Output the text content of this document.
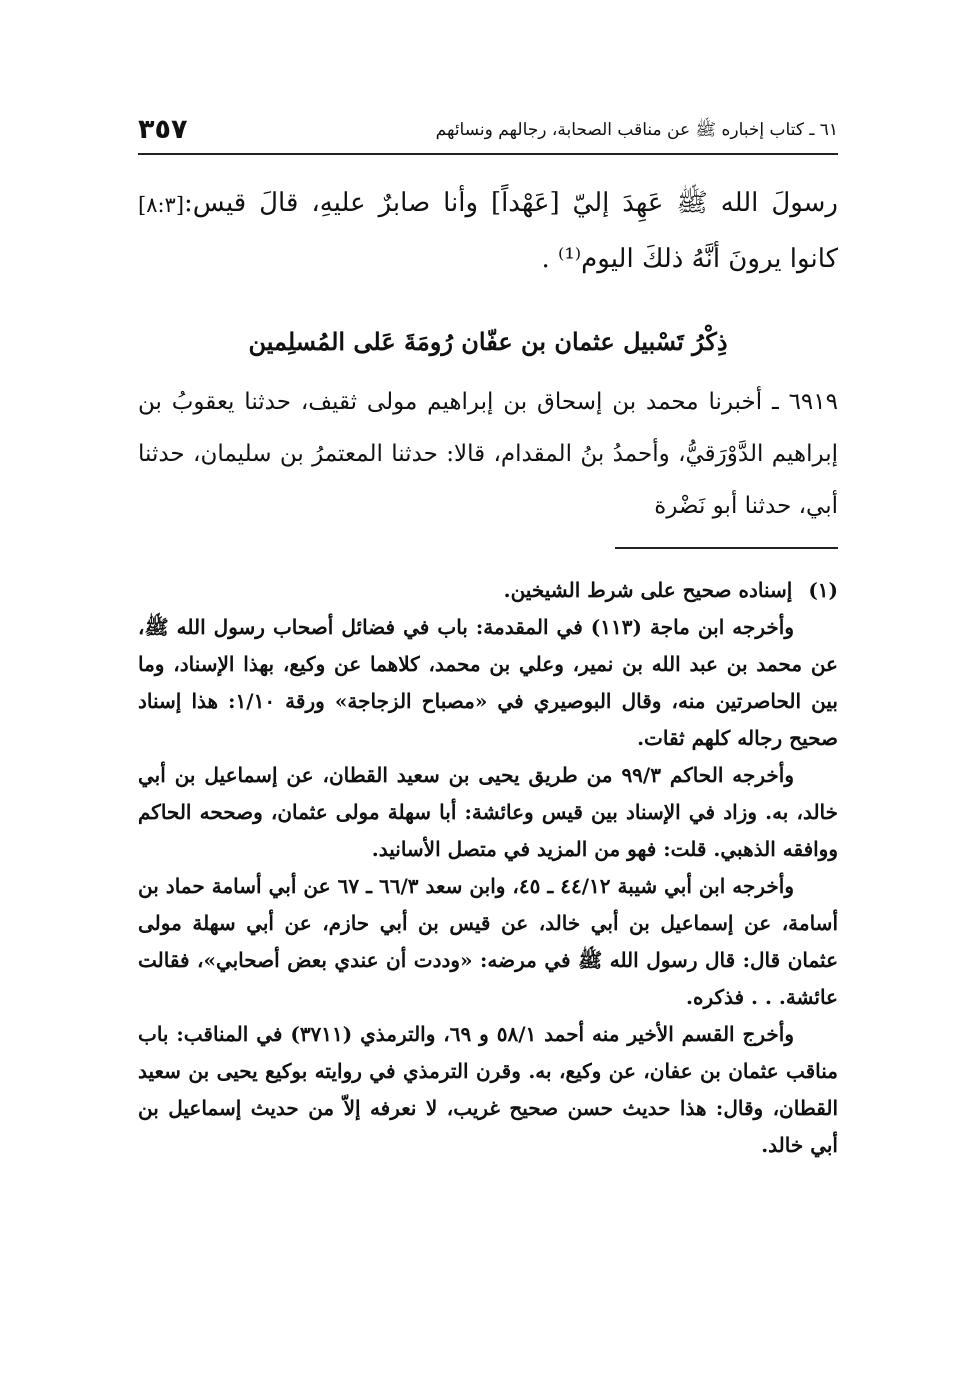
٣٥٧	٦١ ـ كتاب إخباره ﷺ عن مناقب الصحابة، رجالهم ونسائهم
[٨:٣] رسولَ الله ﷺ عَهِدَ إليّ [عَهْداً] وأنا صابرٌ عليهِ، قالَ قيس: كانوا يرونَ أنَّهُ ذلكَ اليوم⁽¹⁾ .
ذِكْرُ تَسْبيل عثمان بن عفّان رُومَةَ عَلى المُسلِمين
٦٩١٩ ـ أخبرنا محمد بن إسحاق بن إبراهيم مولى ثقيف، حدثنا يعقوبُ بن إبراهيم الدَّوْرَقيُّ، وأحمدُ بنُ المقدام، قالا: حدثنا المعتمرُ بن سليمان، حدثنا أبي، حدثنا أبو نَضْرة

(١)إسناده صحيح على شرط الشيخين.

وأخرجه ابن ماجة (١١٣) في المقدمة: باب في فضائل أصحاب رسول الله ﷺ، عن محمد بن عبد الله بن نمير، وعلي بن محمد، كلاهما عن وكيع، بهذا الإسناد، وما بين الحاصرتين منه، وقال البوصيري في «مصباح الزجاجة» ورقة ١/١٠: هذا إسناد صحيح رجاله كلهم ثقات.

وأخرجه الحاكم ٩٩/٣ من طريق يحيى بن سعيد القطان، عن إسماعيل بن أبي خالد، به. وزاد في الإسناد بين قيس وعائشة: أبا سهلة مولى عثمان، وصححه الحاكم ووافقه الذهبي. قلت: فهو من المزيد في متصل الأسانيد.

وأخرجه ابن أبي شيبة ٤٤/١٢ ـ ٤٥، وابن سعد ٦٦/٣ ـ ٦٧ عن أبي أسامة حماد بن أسامة، عن إسماعيل بن أبي خالد، عن قيس بن أبي حازم، عن أبي سهلة مولى عثمان قال: قال رسول الله ﷺ في مرضه: «وددت أن عندي بعض أصحابي»، فقالت عائشة. . . فذكره.

وأخرج القسم الأخير منه أحمد ٥٨/١ و ٦٩، والترمذي (٣٧١١) في المناقب: باب مناقب عثمان بن عفان، عن وكيع، به. وقرن الترمذي في روايته بوكيع يحيى بن سعيد القطان، وقال: هذا حديث حسن صحيح غريب، لا نعرفه إلاّ من حديث إسماعيل بن أبي خالد.
